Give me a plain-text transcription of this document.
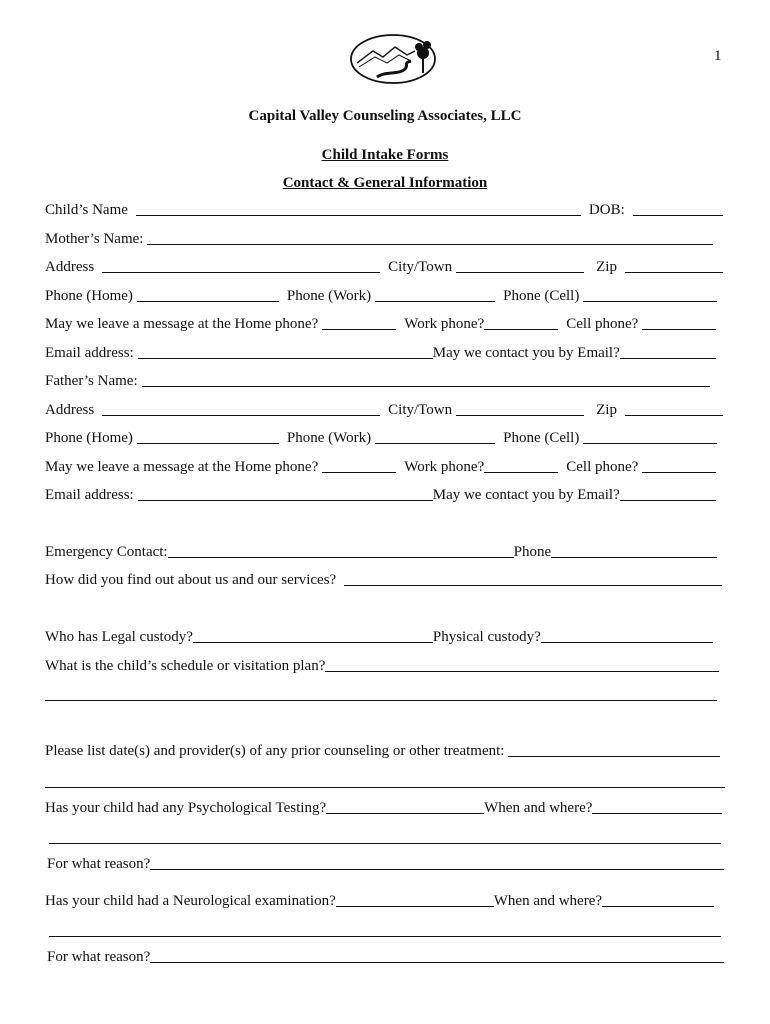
1
Capital Valley Counseling Associates, LLC
Child Intake Forms
Contact & General Information
Child’s Name	DOB:
Mother’s Name:
Address	City/Town	Zip
Phone (Home)	Phone (Work)	Phone (Cell)
May we leave a message at the Home phone?	Work phone?	Cell phone?
Email address:	May we contact you by Email?
Father’s Name:
Address	City/Town	Zip
Phone (Home)	Phone (Work)	Phone (Cell)
May we leave a message at the Home phone?	Work phone?	Cell phone?
Email address:	May we contact you by Email?
Emergency Contact:	Phone
How did you find out about us and our services?
Who has Legal custody?	Physical custody?
What is the child’s schedule or visitation plan?
Please list date(s) and provider(s) of any prior counseling or other treatment:
Has your child had any Psychological Testing?	When and where?
For what reason?
Has your child had a Neurological examination?	When and where?
For what reason?
